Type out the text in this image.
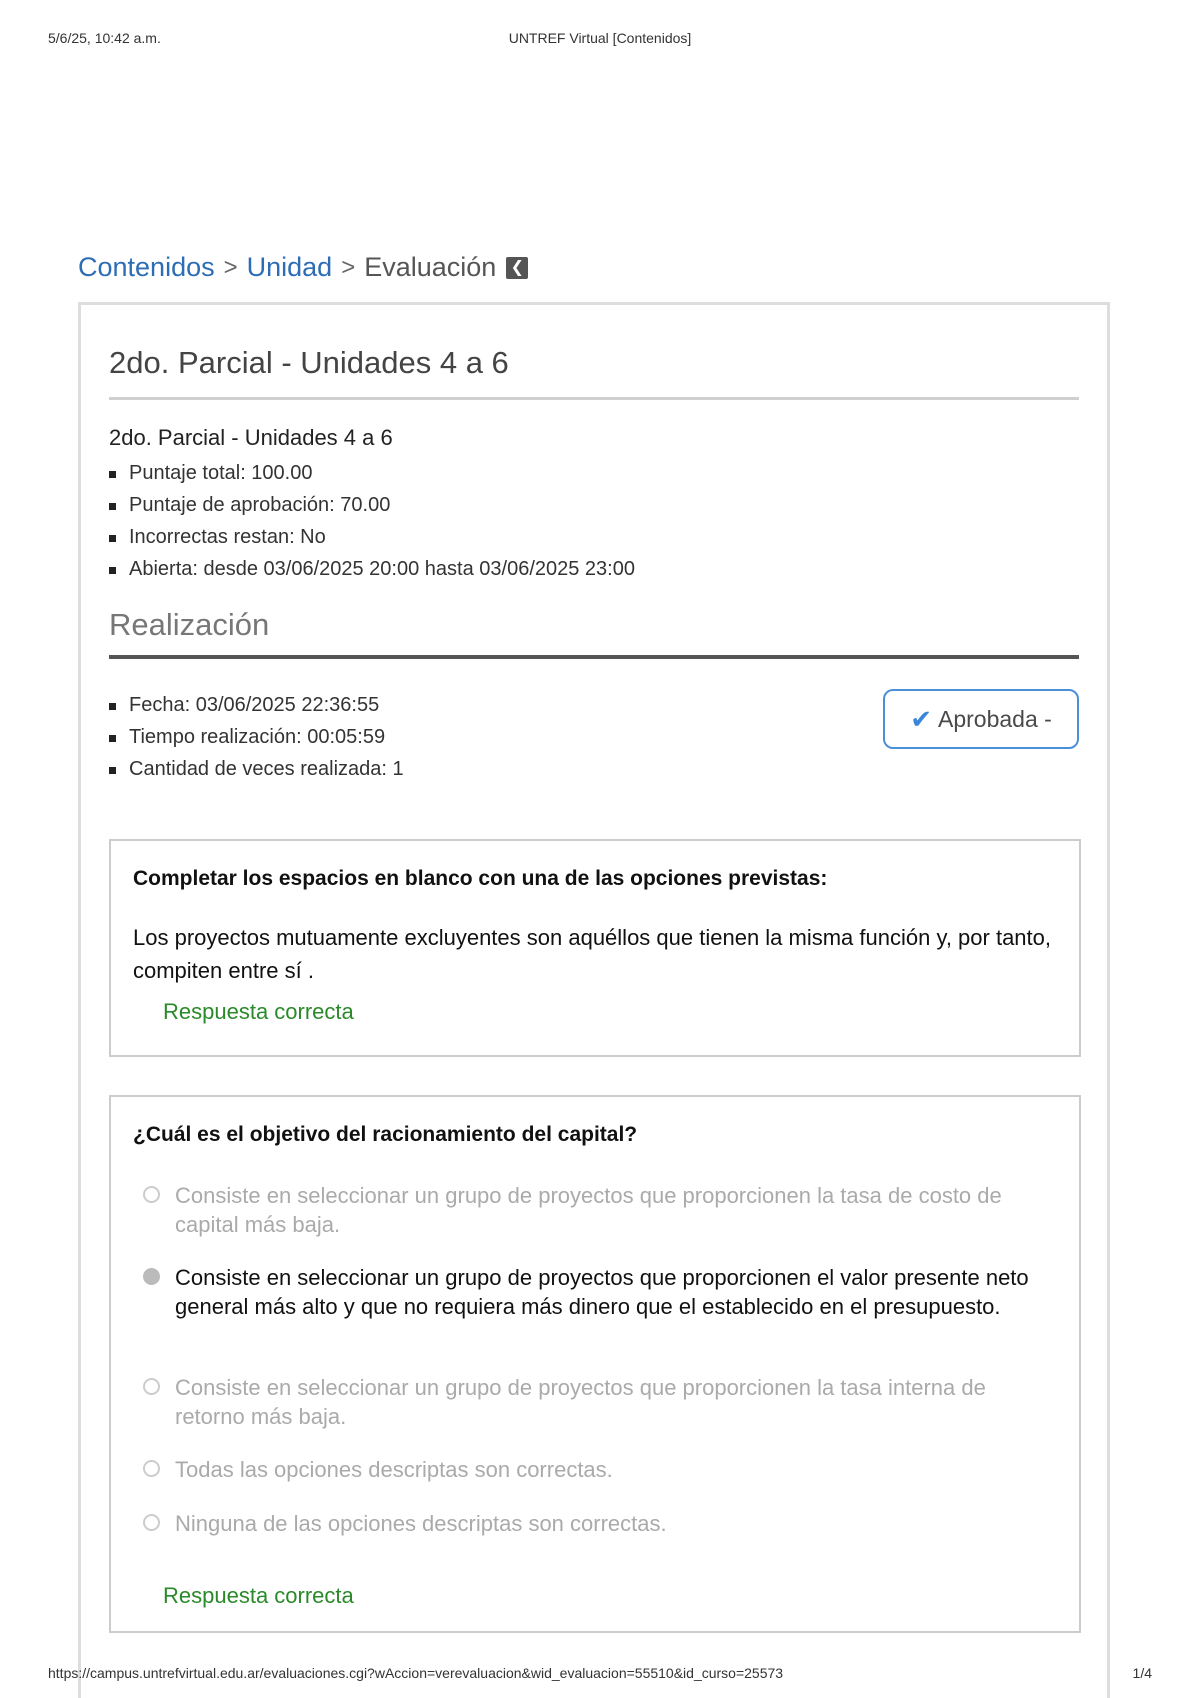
5/6/25, 10:42 a.m.	UNTREF Virtual [Contenidos]
Contenidos > Unidad > Evaluación ❮
2do. Parcial - Unidades 4 a 6
2do. Parcial - Unidades 4 a 6
Puntaje total: 100.00
Puntaje de aprobación: 70.00
Incorrectas restan: No
Abierta: desde 03/06/2025 20:00 hasta 03/06/2025 23:00
Realización
Fecha: 03/06/2025 22:36:55
Tiempo realización: 00:05:59
Cantidad de veces realizada: 1
✔ Aprobada -
Completar los espacios en blanco con una de las opciones previstas:
Los proyectos mutuamente excluyentes son aquéllos que tienen la misma función y, por tanto, compiten entre sí .
Respuesta correcta
¿Cuál es el objetivo del racionamiento del capital?
Consiste en seleccionar un grupo de proyectos que proporcionen la tasa de costo de capital más baja.
Consiste en seleccionar un grupo de proyectos que proporcionen el valor presente neto general más alto y que no requiera más dinero que el establecido en el presupuesto.
Consiste en seleccionar un grupo de proyectos que proporcionen la tasa interna de retorno más baja.
Todas las opciones descriptas son correctas.
Ninguna de las opciones descriptas son correctas.
Respuesta correcta
https://campus.untrefvirtual.edu.ar/evaluaciones.cgi?wAccion=verevaluacion&wid_evaluacion=55510&id_curso=25573	1/4
